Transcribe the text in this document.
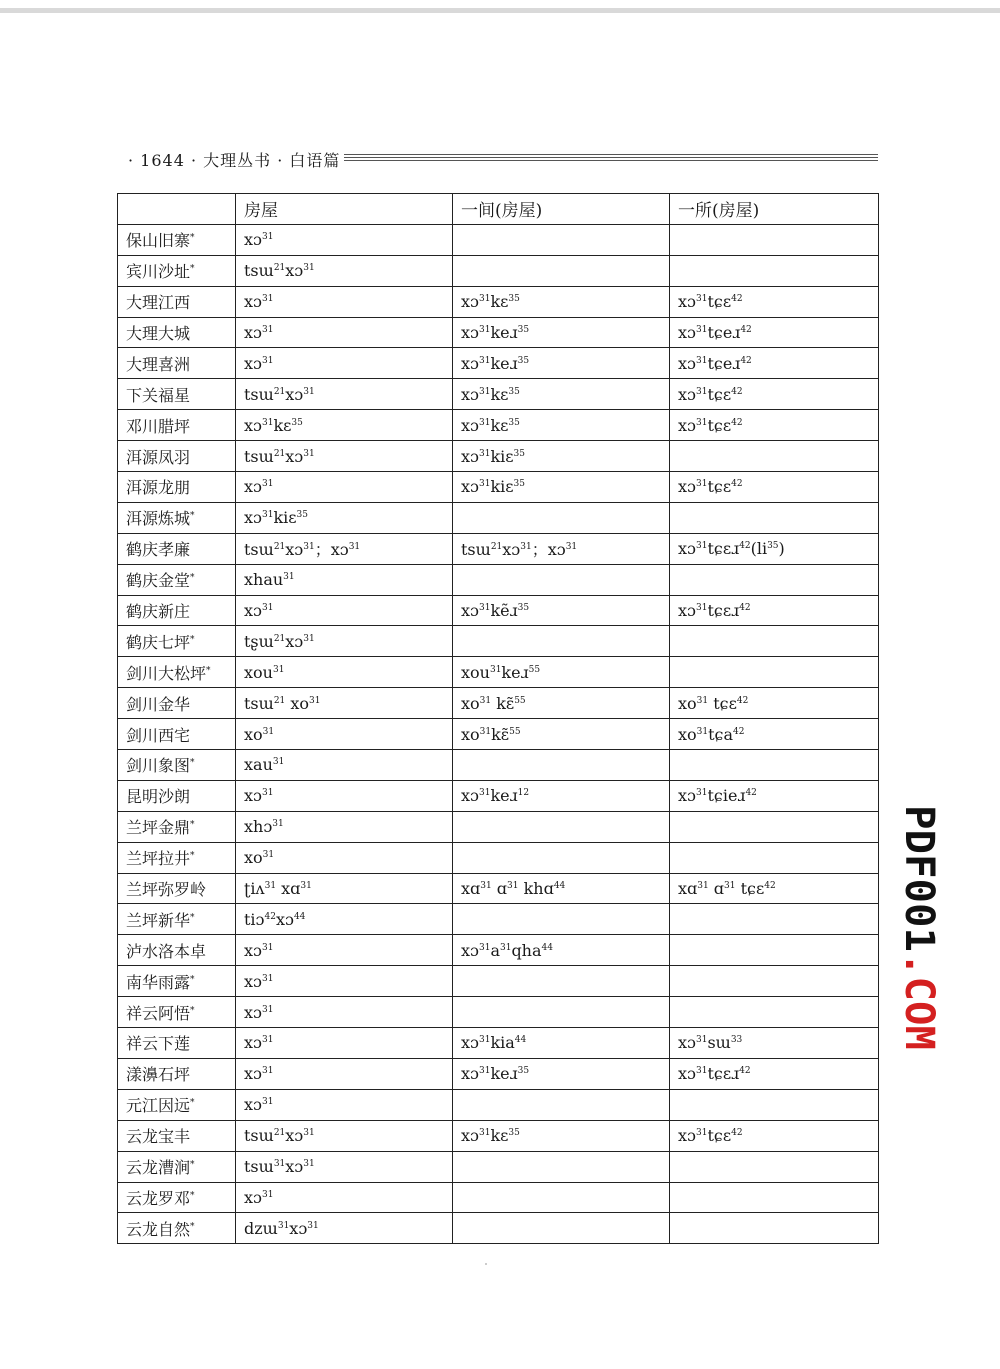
· 1644 · 大理丛书 · 白语篇
	房屋	一间(房屋)	一所(房屋)
保山旧寨*	xɔ$^{31}$		
宾川沙址*	tsɯ$^{21}$xɔ$^{31}$		
大理江西	xɔ$^{31}$	xɔ$^{31}$kɛ$^{35}$	xɔ$^{31}$tɕɛ$^{42}$
大理大城	xɔ$^{31}$	xɔ$^{31}$keɹ$^{35}$	xɔ$^{31}$tɕeɹ$^{42}$
大理喜洲	xɔ$^{31}$	xɔ$^{31}$keɹ$^{35}$	xɔ$^{31}$tɕeɹ$^{42}$
下关福星	tsɯ$^{21}$xɔ$^{31}$	xɔ$^{31}$kɛ$^{35}$	xɔ$^{31}$tɕɛ$^{42}$
邓川腊坪	xɔ$^{31}$kɛ$^{35}$	xɔ$^{31}$kɛ$^{35}$	xɔ$^{31}$tɕɛ$^{42}$
洱源凤羽	tsɯ$^{21}$xɔ$^{31}$	xɔ$^{31}$kiɛ$^{35}$	
洱源龙朋	xɔ$^{31}$	xɔ$^{31}$kiɛ$^{35}$	xɔ$^{31}$tɕɛ$^{42}$
洱源炼城*	xɔ$^{31}$kiɛ$^{35}$		
鹤庆孝廉	tsɯ$^{21}$xɔ$^{31}$；xɔ$^{31}$	tsɯ$^{21}$xɔ$^{31}$；xɔ$^{31}$	$xɔ^{31}tɕɛɹ^{42}(li^{35})$
鹤庆金堂*	xhau$^{31}$		
鹤庆新庄	xɔ$^{31}$	xɔ$^{31}$kẽɹ$^{35}$	xɔ$^{31}$tɕɛɹ$^{42}$
鹤庆七坪*	tʂɯ$^{21}$xɔ$^{31}$		
剑川大松坪*	xou$^{31}$	xou$^{31}$keɹ$^{55}$	
剑川金华	tsɯ$^{21}$ $xo^{31}$	$xo^{31}$ kɛ̃$^{55}$	$xo^{31}$ tɕɛ$^{42}$
剑川西宅	$xo^{31}$	$xo^{31}kɛ̃^{55}$	$xo^{31}tɕa^{42}$
剑川象图*	xau$^{31}$		
昆明沙朗	xɔ$^{31}$	xɔ$^{31}$keɹ$^{12}$	xɔ$^{31}$tɕieɹ$^{42}$
兰坪金鼎*	xhɔ$^{31}$		
兰坪拉井*	$xo^{31}$		
兰坪弥罗岭	ʈiʌ$^{31}$ xɑ$^{31}$	xɑ$^{31}$ ɑ$^{31}$ khɑ$^{44}$	xɑ$^{31}$ ɑ$^{31}$ tɕɛ$^{42}$
兰坪新华*	tiɔ$^{42}$xɔ$^{44}$		
泸水洛本卓	xɔ$^{31}$	$xɔ^{31}a^{31}qha^{44}$	
南华雨露*	xɔ$^{31}$		
祥云阿悟*	xɔ$^{31}$		
祥云下莲	xɔ$^{31}$	xɔ$^{31}$kia$^{44}$	xɔ$^{31}$sɯ$^{33}$
漾濞石坪	xɔ$^{31}$	xɔ$^{31}$keɹ$^{35}$	xɔ$^{31}$tɕɛɹ$^{42}$
元江因远*	xɔ$^{31}$		
云龙宝丰	tsɯ$^{21}$xɔ$^{31}$	xɔ$^{31}$kɛ$^{35}$	xɔ$^{31}$tɕɛ$^{42}$
云龙漕涧*	tsɯ$^{31}$xɔ$^{31}$		
云龙罗邓*	xɔ$^{31}$		
云龙自然*	dzɯ$^{31}$xɔ$^{31}$		
PDF001.COM
